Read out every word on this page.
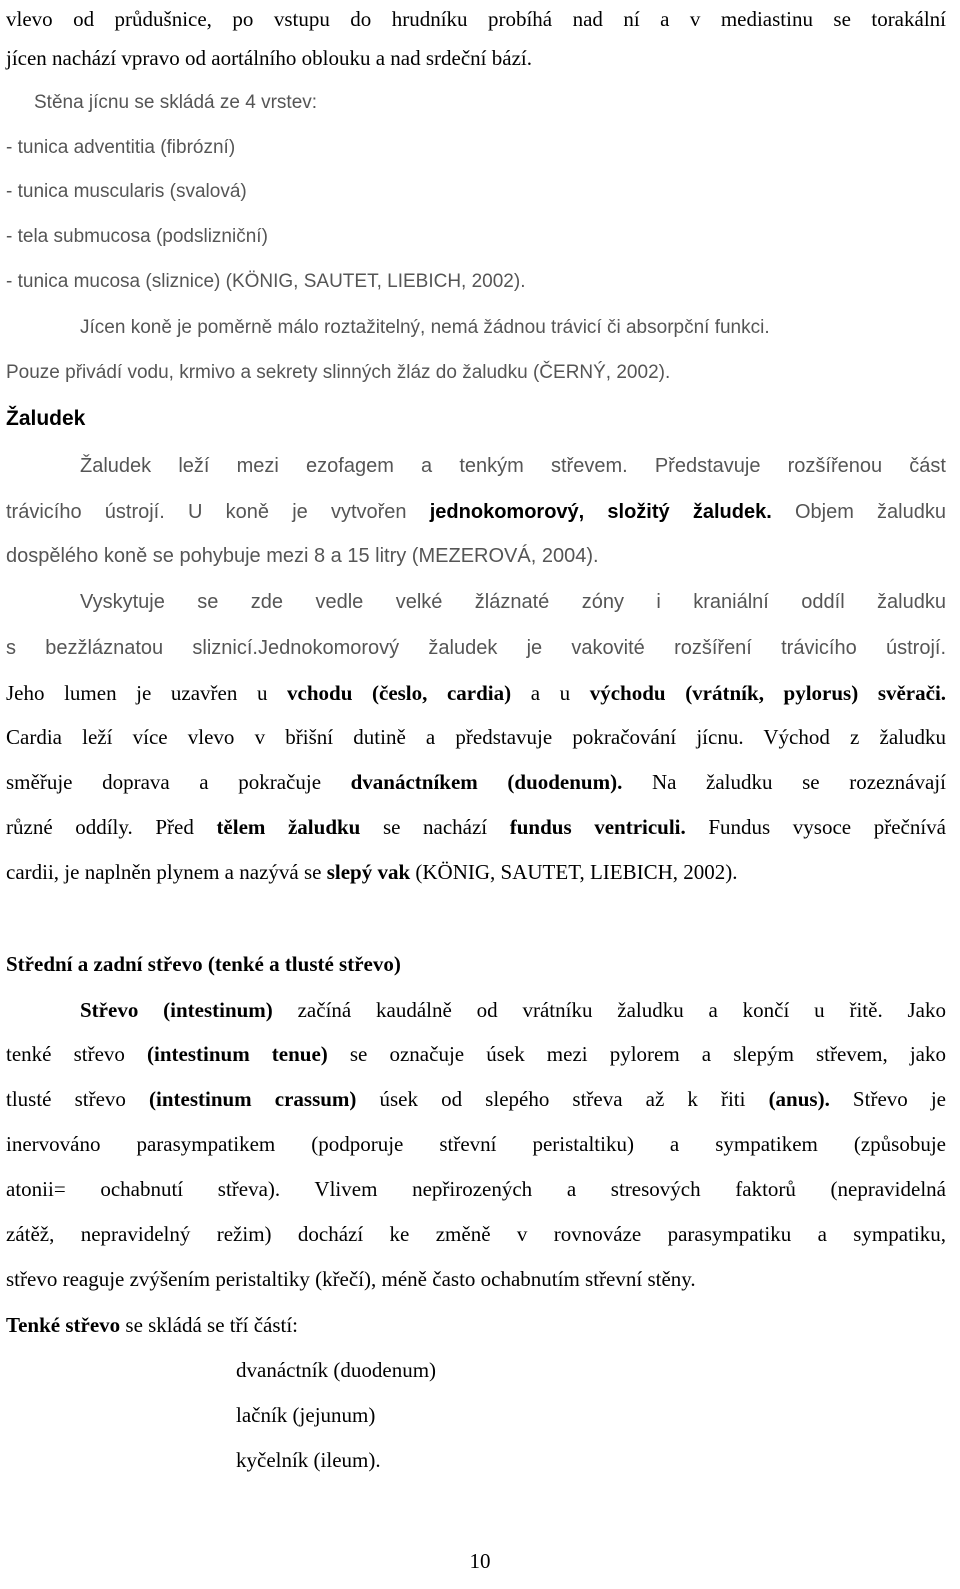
vlevo od průdušnice, po vstupu do hrudníku probíhá nad ní a v mediastinu se torakální
jícen nachází vpravo od aortálního oblouku a nad srdeční bází.
Stěna jícnu se skládá ze 4 vrstev:
- tunica adventitia (fibrózní)
- tunica muscularis (svalová)
- tela submucosa (podslizniční)
- tunica mucosa (sliznice) (KÖNIG, SAUTET, LIEBICH, 2002).
Jícen koně je poměrně málo roztažitelný, nemá žádnou trávicí či absorpční funkci.
Pouze přivádí vodu, krmivo a sekrety slinných žláz do žaludku (ČERNÝ, 2002).
Žaludek
Žaludek leží mezi ezofagem a tenkým střevem. Představuje rozšířenou část
trávicího ústrojí. U koně je vytvořen jednokomorový, složitý žaludek. Objem žaludku
dospělého koně se pohybuje mezi 8 a 15 litry (MEZEROVÁ, 2004).
Vyskytuje se zde vedle velké žláznaté zóny i kraniální oddíl žaludku
s bezžláznatou sliznicí.Jednokomorový žaludek je vakovité rozšíření trávicího ústrojí.
Jeho lumen je uzavřen u vchodu (česlo, cardia) a u východu (vrátník, pylorus) svěrači.
Cardia leží více vlevo v břišní dutině a představuje pokračování jícnu. Východ z žaludku
směřuje doprava a pokračuje dvanáctníkem (duodenum). Na žaludku se rozeznávají
různé oddíly. Před tělem žaludku se nachází fundus ventriculi. Fundus vysoce přečnívá
cardii, je naplněn plynem a nazývá se slepý vak (KÖNIG, SAUTET, LIEBICH, 2002).
Střední a zadní střevo (tenké a tlusté střevo)
Střevo (intestinum) začíná kaudálně od vrátníku žaludku a končí u řitě. Jako
tenké střevo (intestinum tenue) se označuje úsek mezi pylorem a slepým střevem, jako
tlusté střevo (intestinum crassum) úsek od slepého střeva až k řiti (anus). Střevo je
inervováno parasympatikem (podporuje střevní peristaltiku) a sympatikem (způsobuje
atonii= ochabnutí střeva). Vlivem nepřirozených a stresových faktorů (nepravidelná
zátěž, nepravidelný režim) dochází ke změně v rovnováze parasympatiku a sympatiku,
střevo reaguje zvýšením peristaltiky (křečí), méně často ochabnutím střevní stěny.
Tenké střevo se skládá se tří částí:
dvanáctník (duodenum)
lačník (jejunum)
kyčelník (ileum).
10
